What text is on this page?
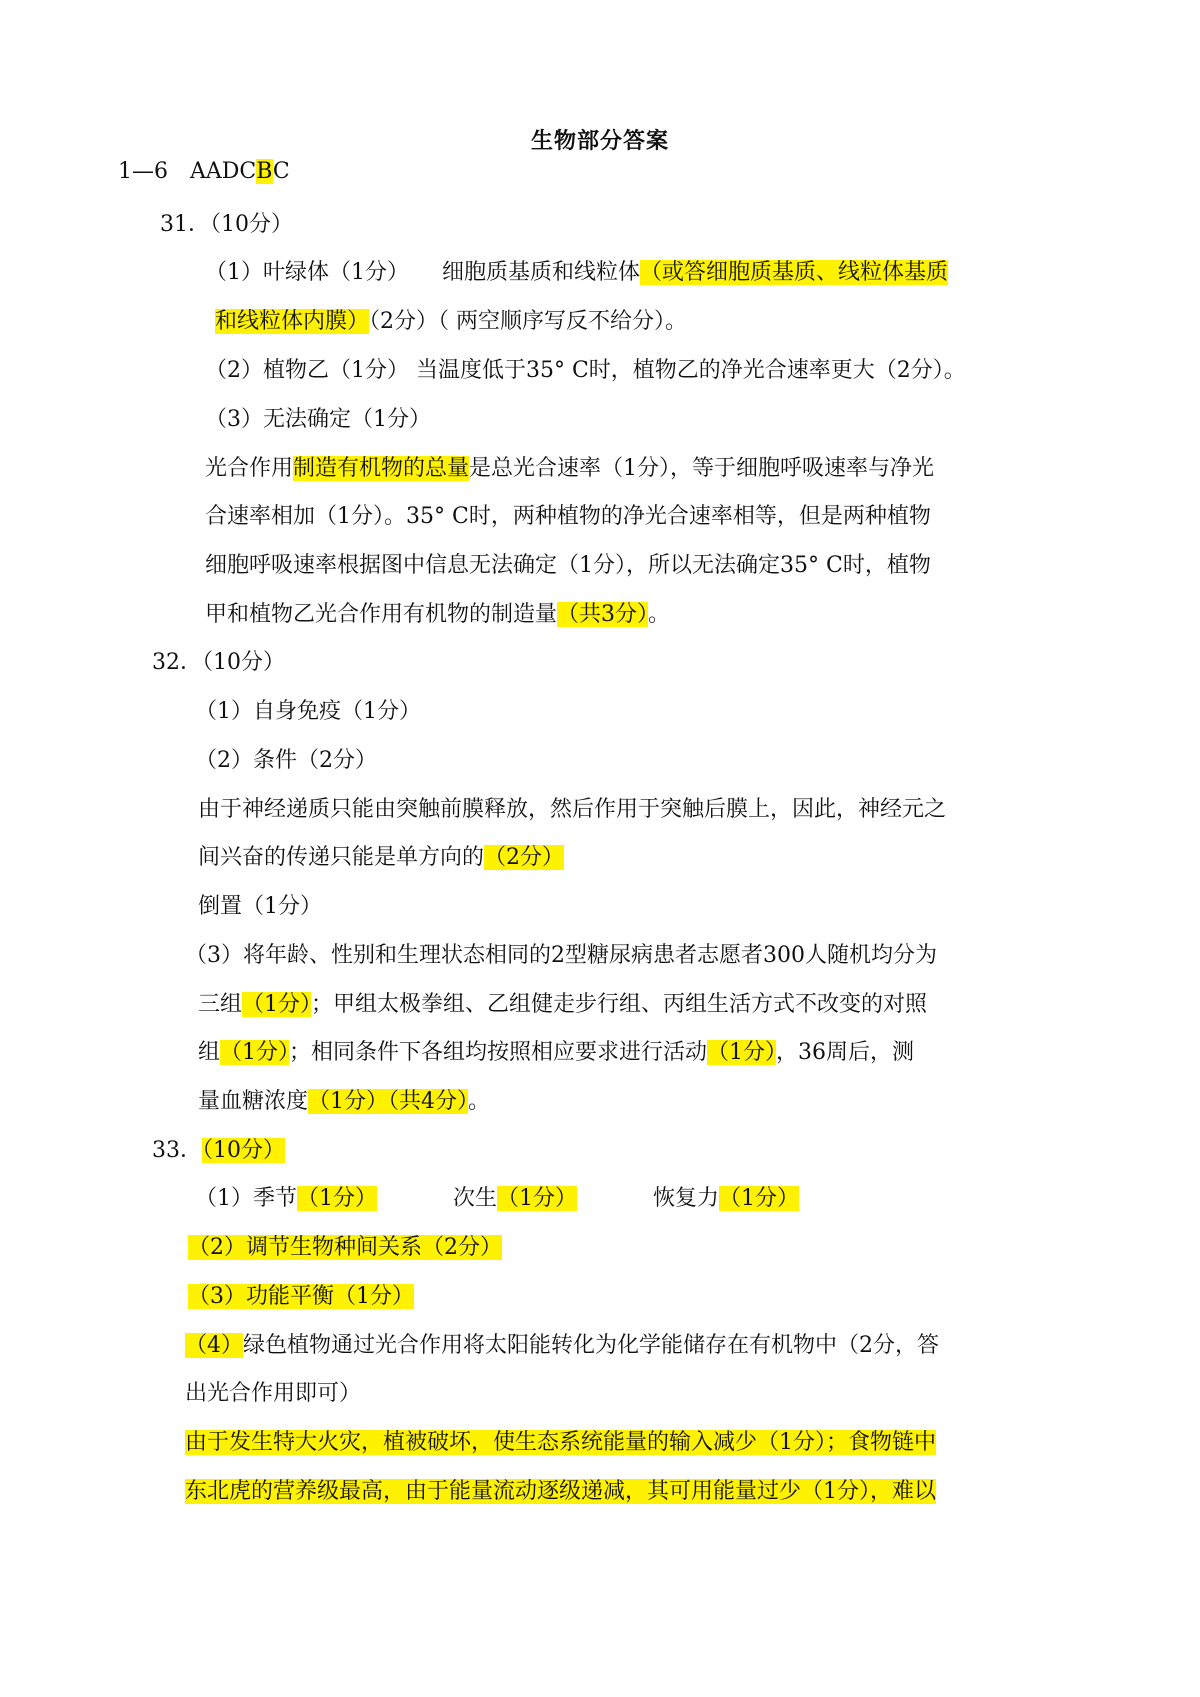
生物部分答案
1—6　AADCBC
31．（10分）
（1）叶绿体（1分）　　细胞质基质和线粒体（或答细胞质基质、线粒体基质
和线粒体内膜）（2分）（ 两空顺序写反不给分）。
（2）植物乙（1分） 当温度低于35° C时，植物乙的净光合速率更大（2分）。
（3）无法确定（1分）
光合作用制造有机物的总量是总光合速率（1分），等于细胞呼吸速率与净光
合速率相加（1分）。35° C时，两种植物的净光合速率相等，但是两种植物
细胞呼吸速率根据图中信息无法确定（1分），所以无法确定35° C时，植物
甲和植物乙光合作用有机物的制造量（共3分）。
32．（10分）
（1）自身免疫（1分）
（2）条件（2分）
由于神经递质只能由突触前膜释放，然后作用于突触后膜上，因此，神经元之
间兴奋的传递只能是单方向的（2分）
倒置（1分）
（3）将年龄、性别和生理状态相同的2型糖尿病患者志愿者300人随机均分为
三组（1分）；甲组太极拳组、乙组健走步行组、丙组生活方式不改变的对照
组（1分）；相同条件下各组均按照相应要求进行活动（1分），36周后，测
量血糖浓度（1分）（共4分）。
33．（10分）
（1）季节（1分）	次生（1分）	恢复力（1分）
（2）调节生物种间关系（2分）
（3）功能平衡（1分）
（4）绿色植物通过光合作用将太阳能转化为化学能储存在有机物中（2分，答
出光合作用即可）
由于发生特大火灾，植被破坏，使生态系统能量的输入减少（1分）；食物链中
东北虎的营养级最高，由于能量流动逐级递减，其可用能量过少（1分），难以
